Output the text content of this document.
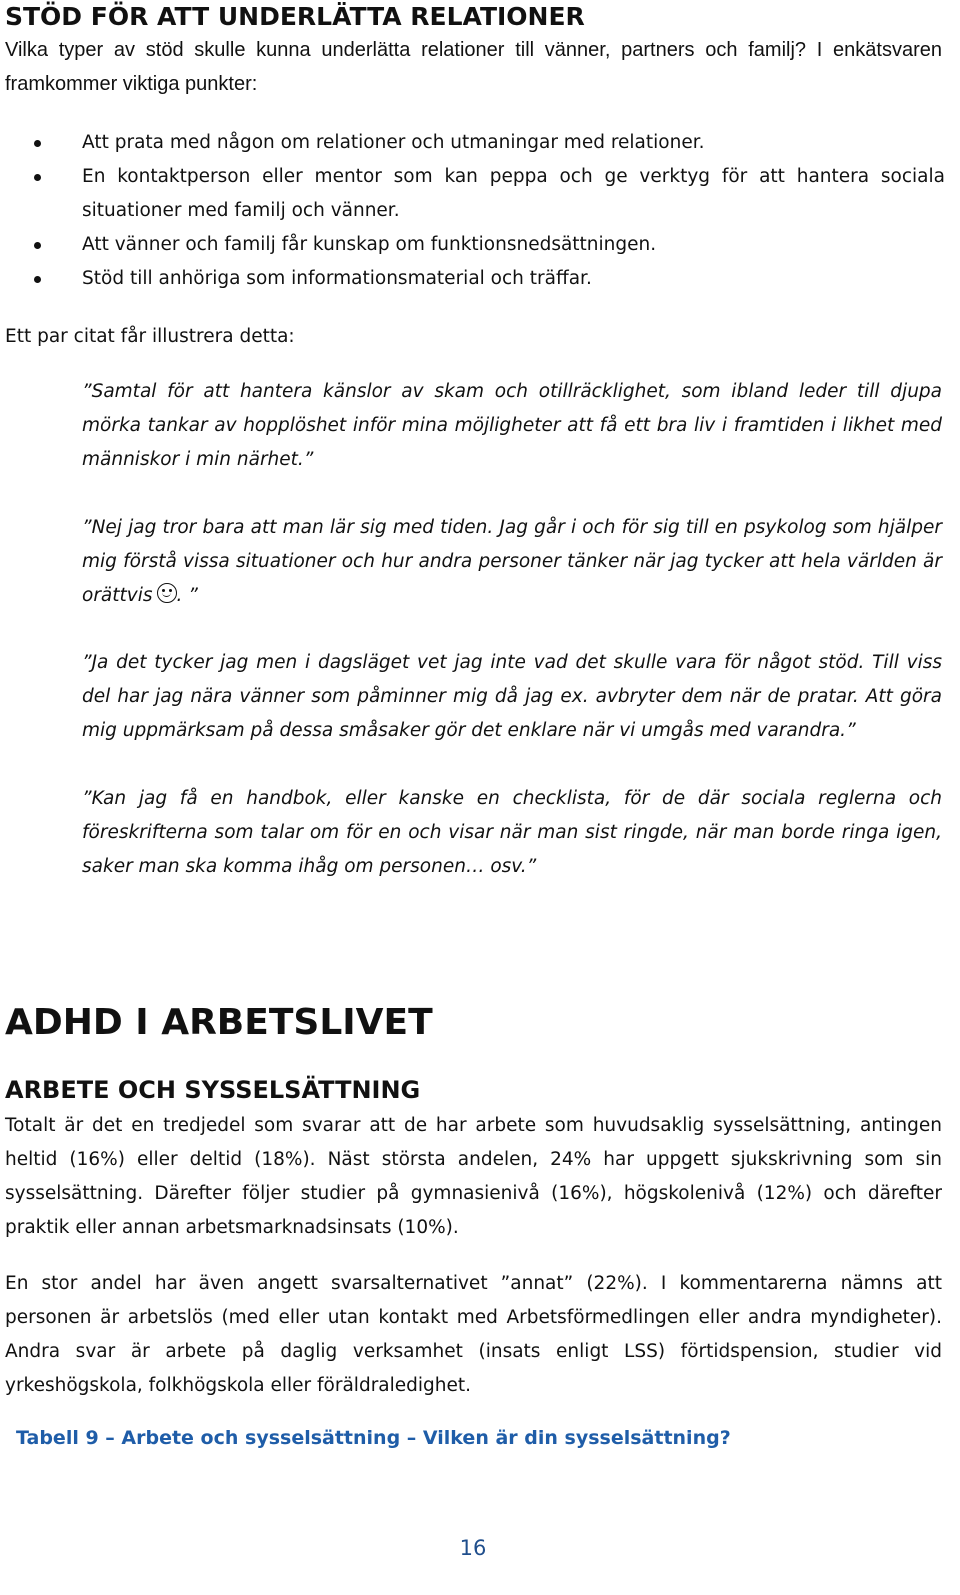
STÖD FÖR ATT UNDERLÄTTA RELATIONER

Vilka typer av stöd skulle kunna underlätta relationer till vänner, partners och familj? I enkätsvaren framkommer viktiga punkter:

Att prata med någon om relationer och utmaningar med relationer.
En kontaktperson eller mentor som kan peppa och ge verktyg för att hantera sociala situationer med familj och vänner.
Att vänner och familj får kunskap om funktionsnedsättningen.
Stöd till anhöriga som informationsmaterial och träffar.

Ett par citat får illustrera detta:

”Samtal för att hantera känslor av skam och otillräcklighet, som ibland leder till djupa mörka tankar av hopplöshet inför mina möjligheter att få ett bra liv i framtiden i likhet med människor i min närhet.”

”Nej jag tror bara att man lär sig med tiden. Jag går i och för sig till en psykolog som hjälper mig förstå vissa situationer och hur andra personer tänker när jag tycker att hela världen är orättvis . ”

”Ja det tycker jag men i dagsläget vet jag inte vad det skulle vara för något stöd. Till viss del har jag nära vänner som påminner mig då jag ex. avbryter dem när de pratar. Att göra mig uppmärksam på dessa småsaker gör det enklare när vi umgås med varandra.”

”Kan jag få en handbok, eller kanske en checklista, för de där sociala reglerna och föreskrifterna som talar om för en och visar när man sist ringde, när man borde ringa igen, saker man ska komma ihåg om personen… osv.”

ADHD I ARBETSLIVET
ARBETE OCH SYSSELSÄTTNING

Totalt är det en tredjedel som svarar att de har arbete som huvudsaklig sysselsättning, antingen heltid (16%) eller deltid (18%). Näst största andelen, 24% har uppgett sjukskrivning som sin sysselsättning. Därefter följer studier på gymnasienivå (16%), högskolenivå (12%) och därefter praktik eller annan arbetsmarknadsinsats (10%).

En stor andel har även angett svarsalternativet ”annat” (22%). I kommentarerna nämns att personen är arbetslös (med eller utan kontakt med Arbetsförmedlingen eller andra myndigheter). Andra svar är arbete på daglig verksamhet (insats enligt LSS) förtidspension, studier vid yrkeshögskola, folkhögskola eller föräldraledighet.

Tabell 9 – Arbete och sysselsättning – Vilken är din sysselsättning?

16
